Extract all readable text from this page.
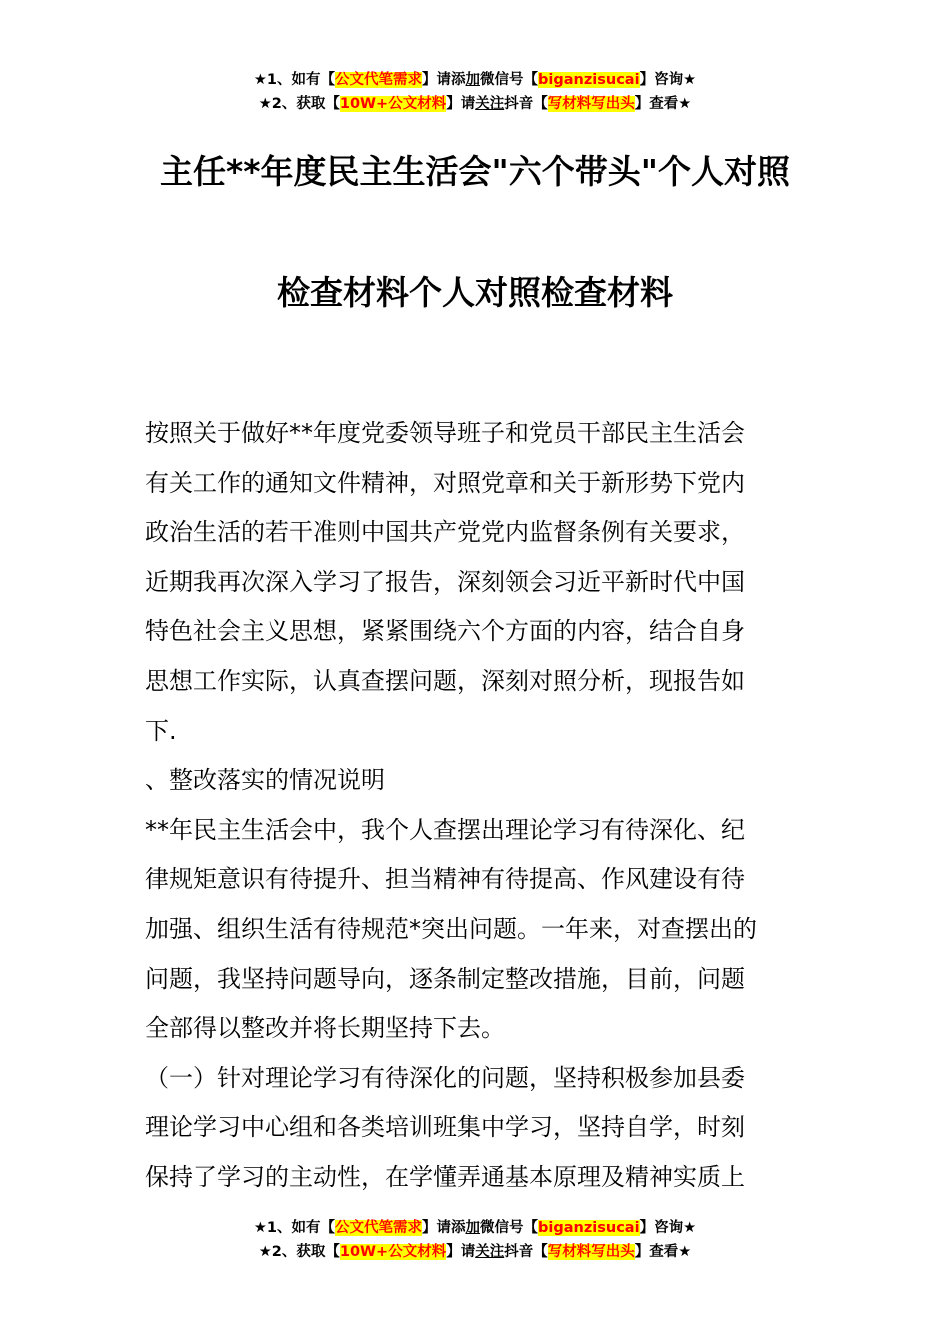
★1、如有【公文代笔需求】请添加微信号【biganzisucai】咨询★
★2、获取【10W+公文材料】请关注抖音【写材料写出头】查看★
主任**年度民主生活会"六个带头"个人对照
检查材料个人对照检查材料
按照关于做好**年度党委领导班子和党员干部民主生活会
有关工作的通知文件精神，对照党章和关于新形势下党内
政治生活的若干准则中国共产党党内监督条例有关要求，
近期我再次深入学习了报告，深刻领会习近平新时代中国
特色社会主义思想，紧紧围绕六个方面的内容，结合自身
思想工作实际，认真查摆问题，深刻对照分析，现报告如
下.
、整改落实的情况说明
**年民主生活会中，我个人查摆出理论学习有待深化、纪
律规矩意识有待提升、担当精神有待提高、作风建设有待
加强、组织生活有待规范*突出问题。一年来，对查摆出的
问题，我坚持问题导向，逐条制定整改措施，目前，问题
全部得以整改并将长期坚持下去。
（一）针对理论学习有待深化的问题，坚持积极参加县委
理论学习中心组和各类培训班集中学习，坚持自学，时刻
保持了学习的主动性，在学懂弄通基本原理及精神实质上
★1、如有【公文代笔需求】请添加微信号【biganzisucai】咨询★
★2、获取【10W+公文材料】请关注抖音【写材料写出头】查看★
